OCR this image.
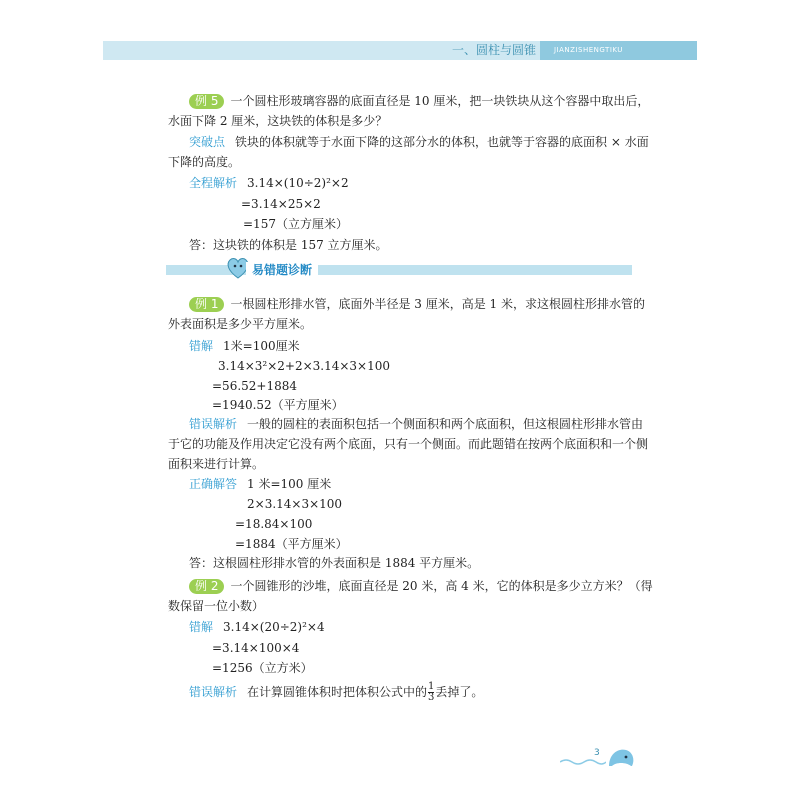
一、圆柱与圆锥	JIANZISHENGTIKU
例 5 一个圆柱形玻璃容器的底面直径是 10 厘米，把一块铁块从这个容器中取出后，
水面下降 2 厘米，这块铁的体积是多少？
突破点 铁块的体积就等于水面下降的这部分水的体积，也就等于容器的底面积 × 水面
下降的高度。
全程解析 3.14×(10÷2)²×2
=3.14×25×2
=157（立方厘米）
答：这块铁的体积是 157 立方厘米。
易错题诊断
例 1 一根圆柱形排水管，底面外半径是 3 厘米，高是 1 米，求这根圆柱形排水管的
外表面积是多少平方厘米。
错解 1米=100厘米
3.14×3²×2+2×3.14×3×100
=56.52+1884
=1940.52（平方厘米）
错误解析 一般的圆柱的表面积包括一个侧面积和两个底面积，但这根圆柱形排水管由
于它的功能及作用决定它没有两个底面，只有一个侧面。而此题错在按两个底面积和一个侧
面积来进行计算。
正确解答 1 米=100 厘米
2×3.14×3×100
=18.84×100
=1884（平方厘米）
答：这根圆柱形排水管的外表面积是 1884 平方厘米。
例 2 一个圆锥形的沙堆，底面直径是 20 米，高 4 米，它的体积是多少立方米？（得
数保留一位小数）
错解 3.14×(20÷2)²×4
=3.14×100×4
=1256（立方米）
错误解析 在计算圆锥体积时把体积公式中的 $\frac{1}{3}$ 丢掉了。
3
